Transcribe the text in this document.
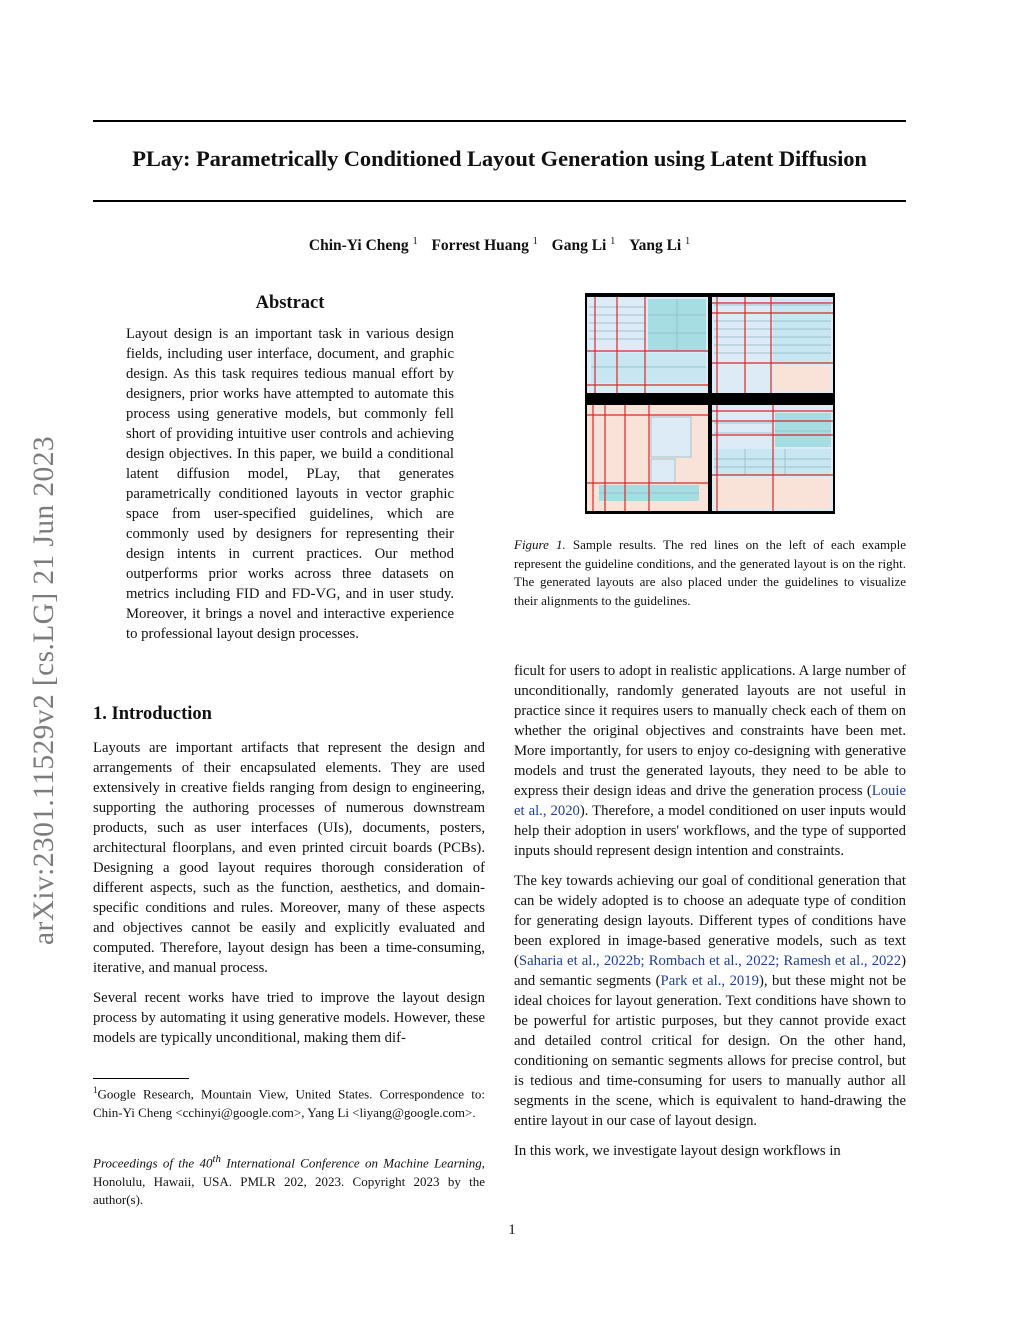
PLay: Parametrically Conditioned Layout Generation using Latent Diffusion
Chin-Yi Cheng $^1$ Forrest Huang $^1$ Gang Li $^1$ Yang Li $^1$
arXiv:2301.11529v2 [cs.LG] 21 Jun 2023
Abstract
Layout design is an important task in various design fields, including user interface, document, and graphic design. As this task requires tedious manual effort by designers, prior works have attempted to automate this process using generative models, but commonly fell short of providing intuitive user controls and achieving design objectives. In this paper, we build a conditional latent diffusion model, PLay, that generates parametrically conditioned layouts in vector graphic space from user-specified guidelines, which are commonly used by designers for representing their design intents in current practices. Our method outperforms prior works across three datasets on metrics including FID and FD-VG, and in user study. Moreover, it brings a novel and interactive experience to professional layout design processes.
1. Introduction

Layouts are important artifacts that represent the design and arrangements of their encapsulated elements. They are used extensively in creative fields ranging from design to engineering, supporting the authoring processes of numerous downstream products, such as user interfaces (UIs), documents, posters, architectural floorplans, and even printed circuit boards (PCBs). Designing a good layout requires thorough consideration of different aspects, such as the function, aesthetics, and domain-specific conditions and rules. Moreover, many of these aspects and objectives cannot be easily and explicitly evaluated and computed. Therefore, layout design has been a time-consuming, iterative, and manual process.

Several recent works have tried to improve the layout design process by automating it using generative models. However, these models are typically unconditional, making them dif-

$^1$Google Research, Mountain View, United States. Correspondence to: Chin-Yi Cheng <cchinyi@google.com>, Yang Li <liyang@google.com>.
Proceedings of the 40th International Conference on Machine Learning, Honolulu, Hawaii, USA. PMLR 202, 2023. Copyright 2023 by the author(s).
Figure 1. Sample results. The red lines on the left of each example represent the guideline conditions, and the generated layout is on the right. The generated layouts are also placed under the guidelines to visualize their alignments to the guidelines.

ficult for users to adopt in realistic applications. A large number of unconditionally, randomly generated layouts are not useful in practice since it requires users to manually check each of them on whether the original objectives and constraints have been met. More importantly, for users to enjoy co-designing with generative models and trust the generated layouts, they need to be able to express their design ideas and drive the generation process (Louie et al., 2020). Therefore, a model conditioned on user inputs would help their adoption in users' workflows, and the type of supported inputs should represent design intention and constraints.

The key towards achieving our goal of conditional generation that can be widely adopted is to choose an adequate type of condition for generating design layouts. Different types of conditions have been explored in image-based generative models, such as text (Saharia et al., 2022b; Rombach et al., 2022; Ramesh et al., 2022) and semantic segments (Park et al., 2019), but these might not be ideal choices for layout generation. Text conditions have shown to be powerful for artistic purposes, but they cannot provide exact and detailed control critical for design. On the other hand, conditioning on semantic segments allows for precise control, but is tedious and time-consuming for users to manually author all segments in the scene, which is equivalent to hand-drawing the entire layout in our case of layout design.

In this work, we investigate layout design workflows in

1
